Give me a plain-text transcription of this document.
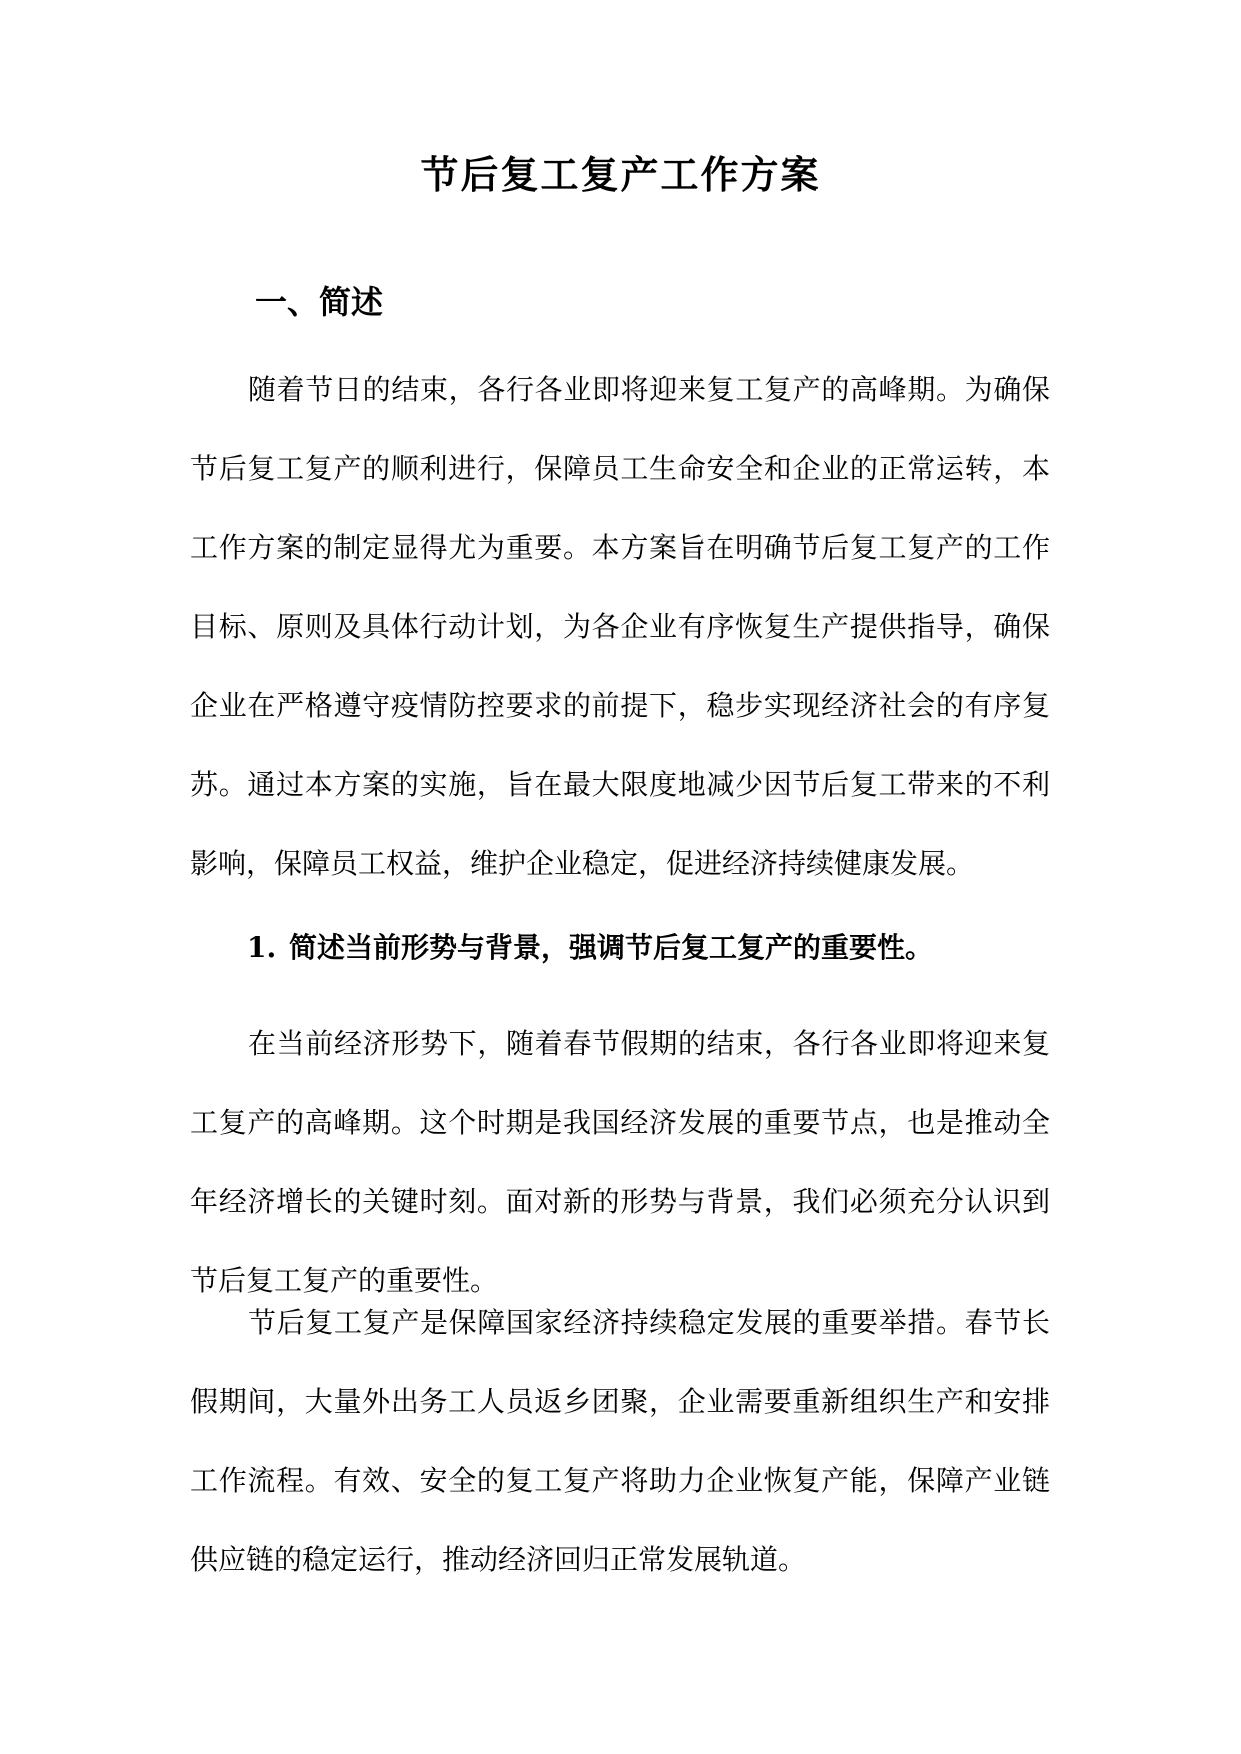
节后复工复产工作方案
一、简述

随着节日的结束，各行各业即将迎来复工复产的高峰期。为确保节后复工复产的顺利进行，保障员工生命安全和企业的正常运转，本工作方案的制定显得尤为重要。本方案旨在明确节后复工复产的工作目标、原则及具体行动计划，为各企业有序恢复生产提供指导，确保企业在严格遵守疫情防控要求的前提下，稳步实现经济社会的有序复苏。通过本方案的实施，旨在最大限度地减少因节后复工带来的不利影响，保障员工权益，维护企业稳定，促进经济持续健康发展。

1. 简述当前形势与背景，强调节后复工复产的重要性。

在当前经济形势下，随着春节假期的结束，各行各业即将迎来复工复产的高峰期。这个时期是我国经济发展的重要节点，也是推动全年经济增长的关键时刻。面对新的形势与背景，我们必须充分认识到节后复工复产的重要性。

节后复工复产是保障国家经济持续稳定发展的重要举措。春节长假期间，大量外出务工人员返乡团聚，企业需要重新组织生产和安排工作流程。有效、安全的复工复产将助力企业恢复产能，保障产业链供应链的稳定运行，推动经济回归正常发展轨道。
